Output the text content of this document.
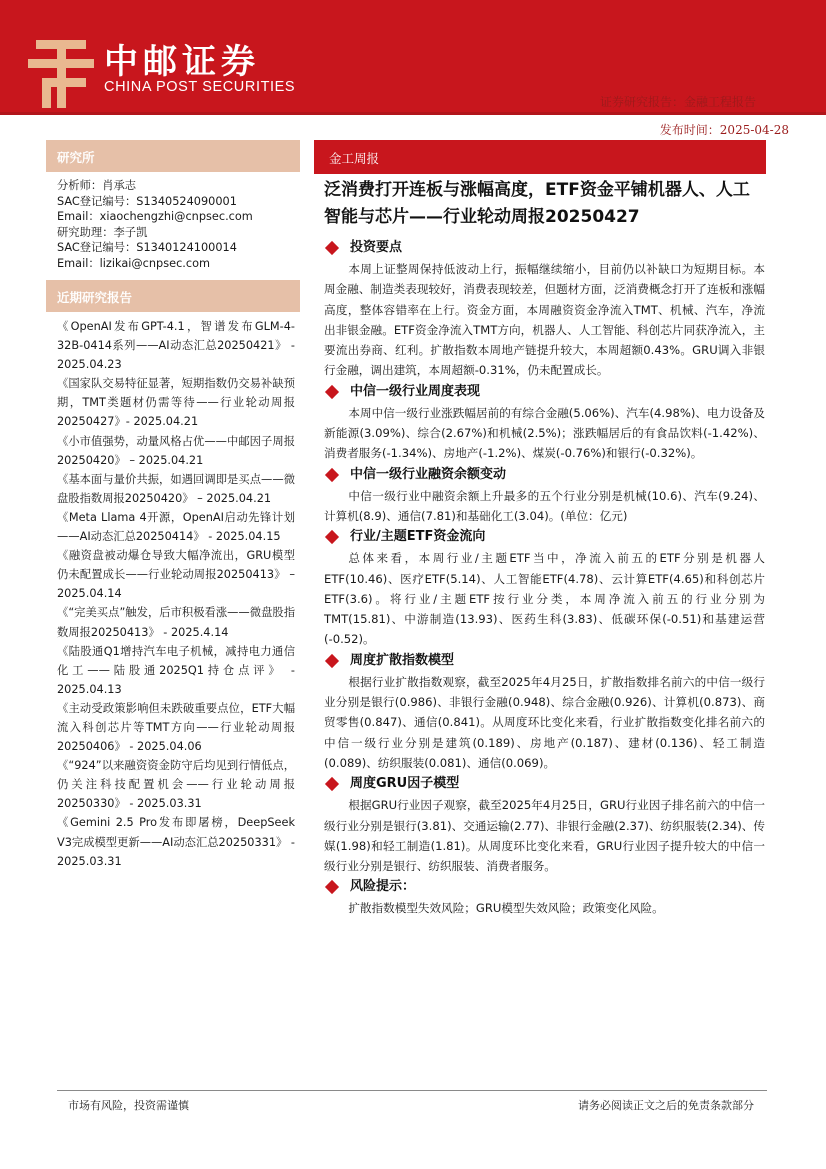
中邮证券
CHINA POST SECURITIES
证券研究报告：金融工程报告
发布时间：2025-04-28
研究所
分析师：肖承志
SAC登记编号：S1340524090001
Email：xiaochengzhi@cnpsec.com
研究助理：李子凯
SAC登记编号：S1340124100014
Email：lizikai@cnpsec.com
近期研究报告

《OpenAI发布GPT-4.1，智谱发布GLM-4-32B-0414系列——AI动态汇总20250421》 - 2025.04.23

《国家队交易特征显著，短期指数仍交易补缺预期，TMT类题材仍需等待——行业轮动周报20250427》- 2025.04.21

《小市值强势，动量风格占优——中邮因子周报20250420》 – 2025.04.21

《基本面与量价共振，如遇回调即是买点——微盘股指数周报20250420》 – 2025.04.21

《Meta Llama 4开源，OpenAI启动先锋计划——AI动态汇总20250414》 - 2025.04.15

《融资盘被动爆仓导致大幅净流出，GRU模型仍未配置成长——行业轮动周报20250413》 – 2025.04.14

《“完美买点”触发，后市积极看涨——微盘股指数周报20250413》 - 2025.4.14

《陆股通Q1增持汽车电子机械，减持电力通信化工——陆股通2025Q1持仓点评》 - 2025.04.13

《主动受政策影响但未跌破重要点位，ETF大幅流入科创芯片等TMT方向——行业轮动周报20250406》 - 2025.04.06

《“924”以来融资资金防守后均见到行情低点，仍关注科技配置机会——行业轮动周报20250330》 - 2025.03.31

《Gemini 2.5 Pro发布即屠榜，DeepSeek V3完成模型更新——AI动态汇总20250331》 - 2025.03.31

金工周报
泛消费打开连板与涨幅高度，ETF资金平铺机器人、人工智能与芯片——行业轮动周报20250427
投资要点

本周上证整周保持低波动上行，振幅继续缩小，目前仍以补缺口为短期目标。本周金融、制造类表现较好，消费表现较差，但题材方面，泛消费概念打开了连板和涨幅高度，整体容错率在上行。资金方面，本周融资资金净流入TMT、机械、汽车，净流出非银金融。ETF资金净流入TMT方向，机器人、人工智能、科创芯片同获净流入，主要流出券商、红利。扩散指数本周地产链提升较大，本周超额0.43%。GRU调入非银行金融，调出建筑，本周超额-0.31%，仍未配置成长。

中信一级行业周度表现

本周中信一级行业涨跌幅居前的有综合金融(5.06%)、汽车(4.98%)、电力设备及新能源(3.09%)、综合(2.67%)和机械(2.5%)；涨跌幅居后的有食品饮料(-1.42%)、消费者服务(-1.34%)、房地产(-1.2%)、煤炭(-0.76%)和银行(-0.32%)。

中信一级行业融资余额变动

中信一级行业中融资余额上升最多的五个行业分别是机械(10.6)、汽车(9.24)、计算机(8.9)、通信(7.81)和基础化工(3.04)。(单位：亿元)

行业/主题ETF资金流向

总体来看，本周行业/主题ETF当中，净流入前五的ETF分别是机器人ETF(10.46)、医疗ETF(5.14)、人工智能ETF(4.78)、云计算ETF(4.65)和科创芯片ETF(3.6)。将行业/主题ETF按行业分类，本周净流入前五的行业分别为TMT(15.81)、中游制造(13.93)、医药生科(3.83)、低碳环保(-0.51)和基建运营(-0.52)。

周度扩散指数模型

根据行业扩散指数观察，截至2025年4月25日，扩散指数排名前六的中信一级行业分别是银行(0.986)、非银行金融(0.948)、综合金融(0.926)、计算机(0.873)、商贸零售(0.847)、通信(0.841)。从周度环比变化来看，行业扩散指数变化排名前六的中信一级行业分别是建筑(0.189)、房地产(0.187)、建材(0.136)、轻工制造(0.089)、纺织服装(0.081)、通信(0.069)。

周度GRU因子模型

根据GRU行业因子观察，截至2025年4月25日，GRU行业因子排名前六的中信一级行业分别是银行(3.81)、交通运输(2.77)、非银行金融(2.37)、纺织服装(2.34)、传媒(1.98)和轻工制造(1.81)。从周度环比变化来看，GRU行业因子提升较大的中信一级行业分别是银行、纺织服装、消费者服务。

风险提示：

扩散指数模型失效风险；GRU模型失效风险；政策变化风险。

市场有风险，投资需谨慎	请务必阅读正文之后的免责条款部分
